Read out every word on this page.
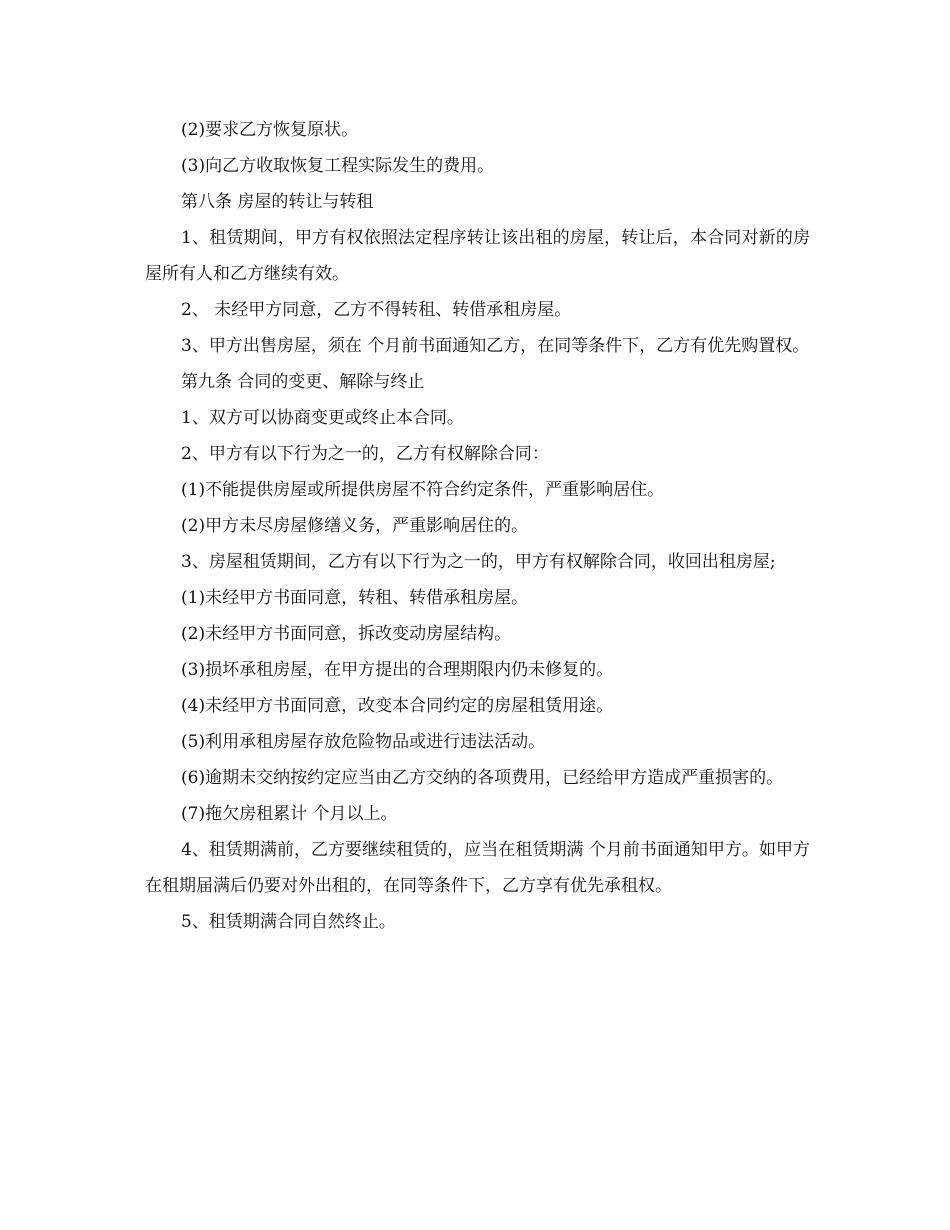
(2)要求乙方恢复原状。

(3)向乙方收取恢复工程实际发生的费用。

第八条 房屋的转让与转租

1、租赁期间，甲方有权依照法定程序转让该出租的房屋，转让后，本合同对新的房屋所有人和乙方继续有效。

2、 未经甲方同意，乙方不得转租、转借承租房屋。

3、甲方出售房屋，须在 个月前书面通知乙方，在同等条件下，乙方有优先购置权。

第九条 合同的变更、解除与终止

1、双方可以协商变更或终止本合同。

2、甲方有以下行为之一的，乙方有权解除合同：

(1)不能提供房屋或所提供房屋不符合约定条件，严重影响居住。

(2)甲方未尽房屋修缮义务，严重影响居住的。

3、房屋租赁期间，乙方有以下行为之一的，甲方有权解除合同，收回出租房屋;

(1)未经甲方书面同意，转租、转借承租房屋。

(2)未经甲方书面同意，拆改变动房屋结构。

(3)损坏承租房屋，在甲方提出的合理期限内仍未修复的。

(4)未经甲方书面同意，改变本合同约定的房屋租赁用途。

(5)利用承租房屋存放危险物品或进行违法活动。

(6)逾期未交纳按约定应当由乙方交纳的各项费用，已经给甲方造成严重损害的。

(7)拖欠房租累计 个月以上。

4、租赁期满前，乙方要继续租赁的，应当在租赁期满 个月前书面通知甲方。如甲方在租期届满后仍要对外出租的，在同等条件下，乙方享有优先承租权。

5、租赁期满合同自然终止。
